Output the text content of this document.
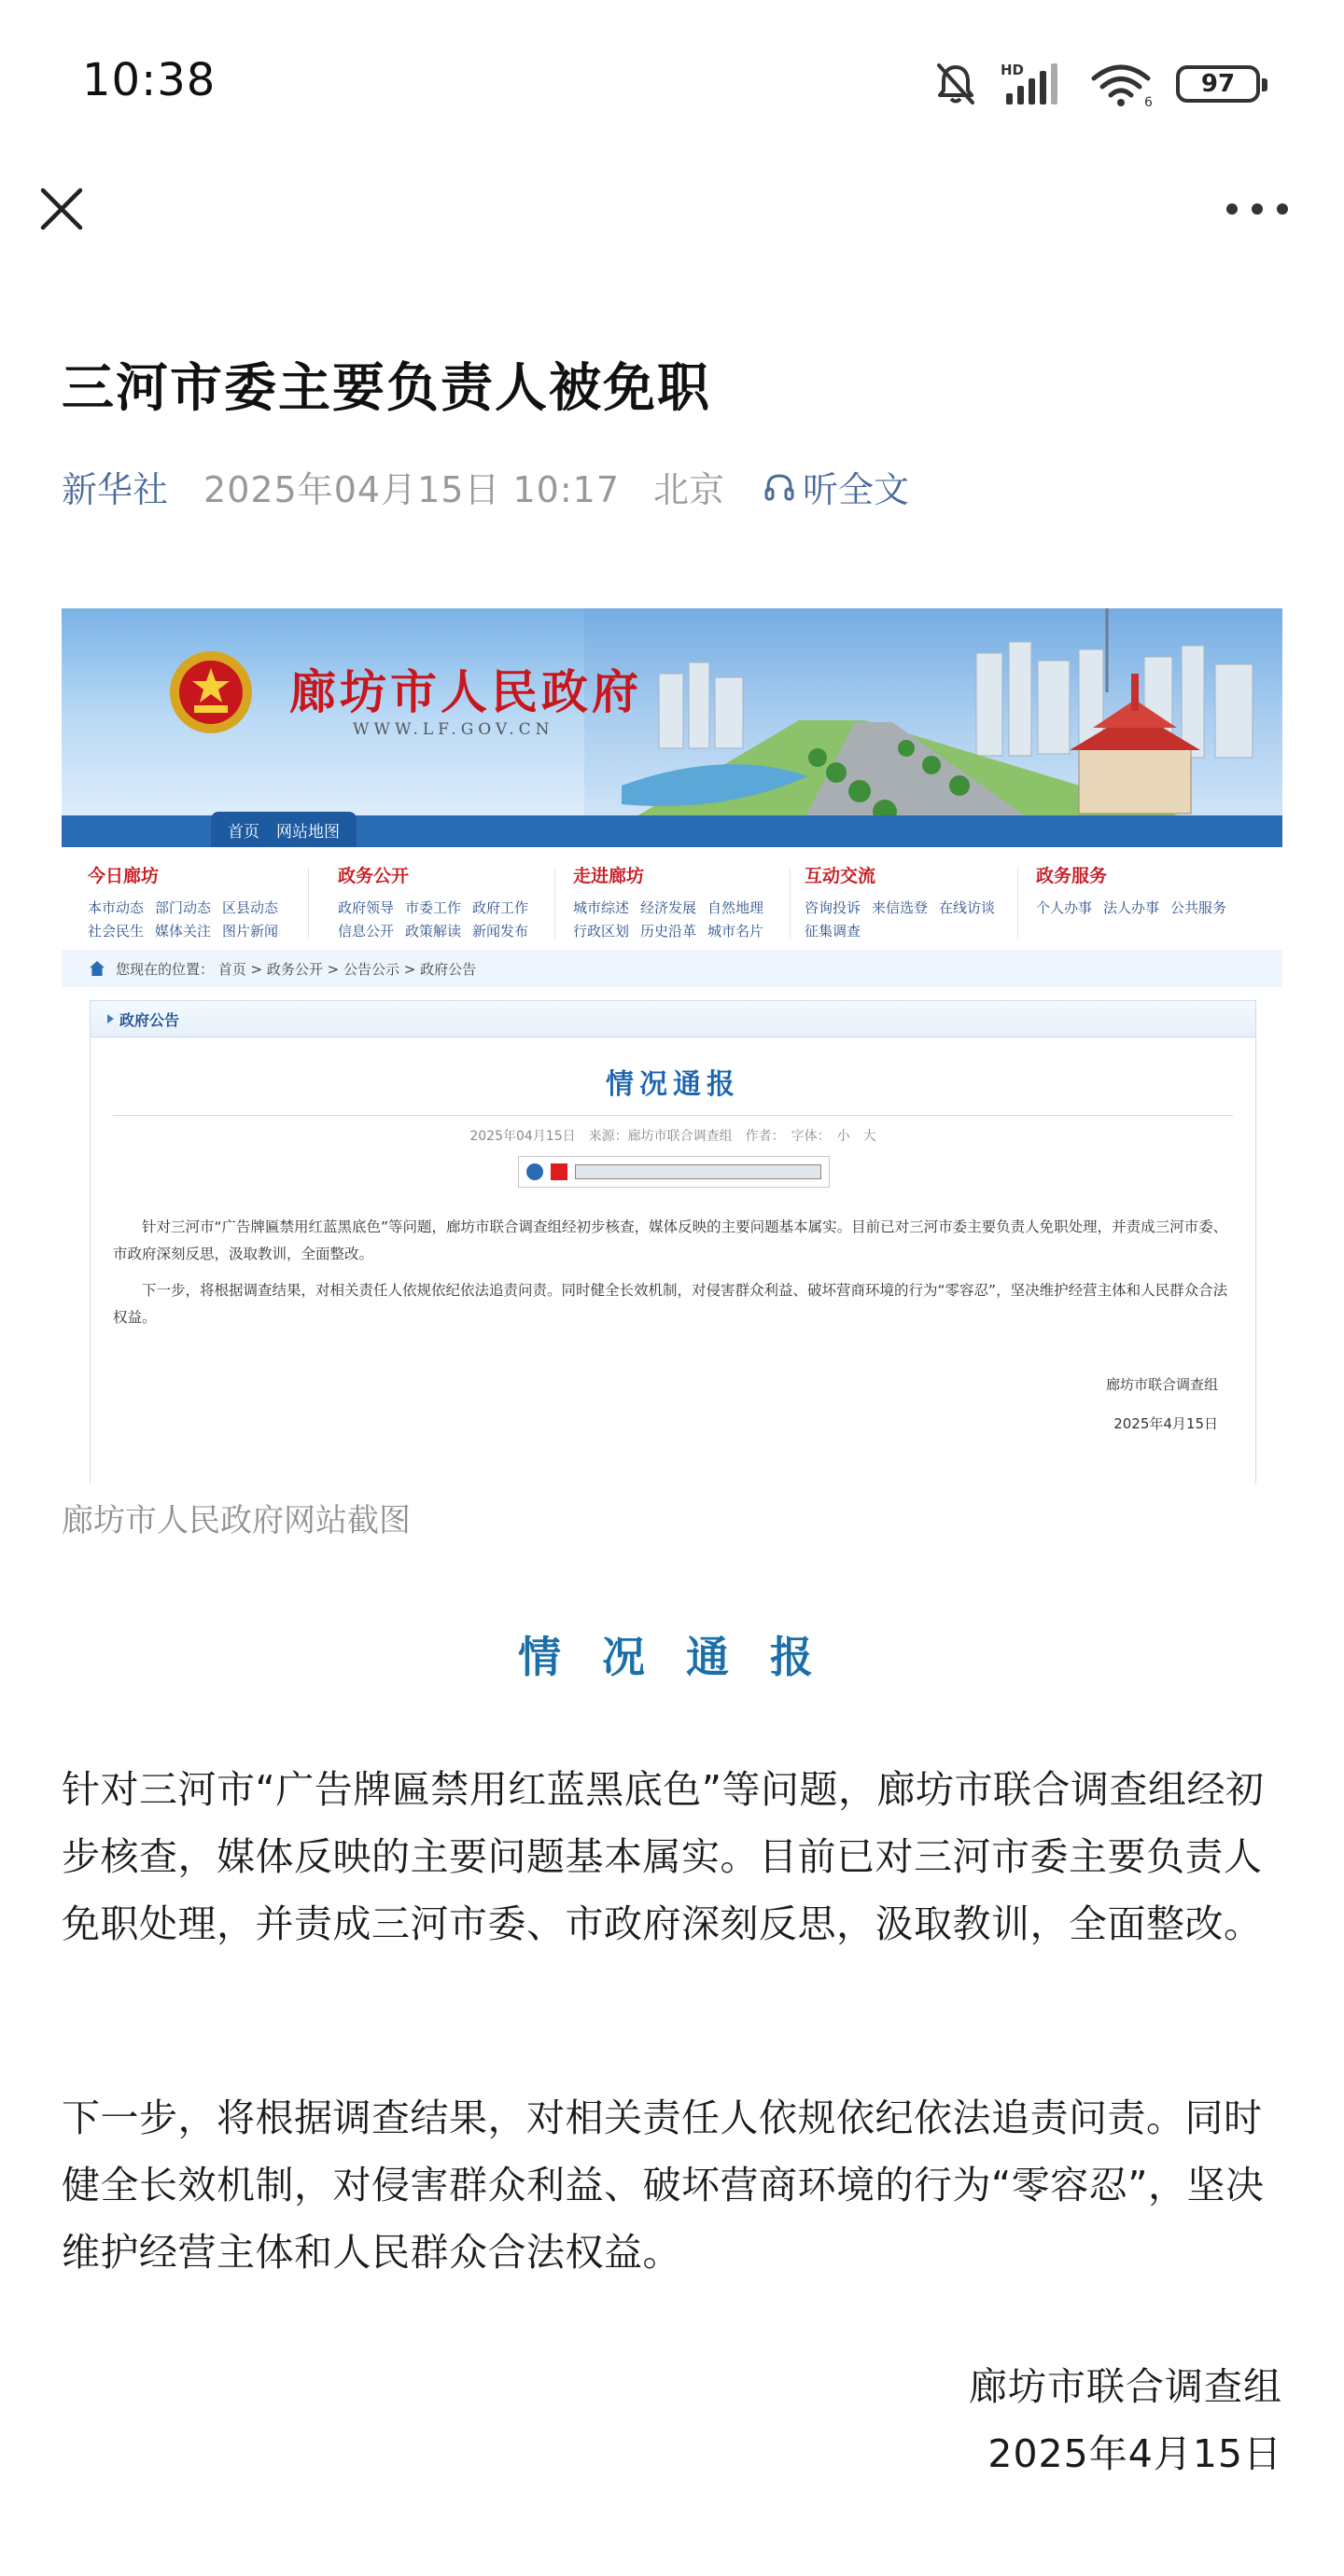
10:38	HD
6
97
三河市委主要负责人被免职
新华社 2025年04月15日 10:17 北京 听全文
廊坊市人民政府
WWW.LF.GOV.CN
首页 网站地图
今日廊坊
本市动态 部门动态 区县动态社会民生 媒体关注 图片新闻
政务公开
政府领导 市委工作 政府工作信息公开 政策解读 新闻发布
走进廊坊
城市综述 经济发展 自然地理行政区划 历史沿革 城市名片
互动交流
咨询投诉 来信选登 在线访谈征集调查
政务服务
个人办事 法人办事 公共服务
您现在的位置： 首页 > 政务公开 > 公告公示 > 政府公告
政府公告
情况通报
2025年04月15日　来源：廊坊市联合调查组　作者：　字体：　小　大

针对三河市“广告牌匾禁用红蓝黑底色”等问题，廊坊市联合调查组经初步核查，媒体反映的主要问题基本属实。目前已对三河市委主要负责人免职处理，并责成三河市委、市政府深刻反思，汲取教训，全面整改。

下一步，将根据调查结果，对相关责任人依规依纪依法追责问责。同时健全长效机制，对侵害群众利益、破坏营商环境的行为“零容忍”，坚决维护经营主体和人民群众合法权益。

廊坊市联合调查组
2025年4月15日
廊坊市人民政府网站截图
情 况 通 报
针对三河市“广告牌匾禁用红蓝黑底色”等问题，廊坊市联合调查组经初步核查，媒体反映的主要问题基本属实。目前已对三河市委主要负责人免职处理，并责成三河市委、市政府深刻反思，汲取教训，全面整改。
下一步，将根据调查结果，对相关责任人依规依纪依法追责问责。同时健全长效机制，对侵害群众利益、破坏营商环境的行为“零容忍”，坚决维护经营主体和人民群众合法权益。
廊坊市联合调查组
2025年4月15日
